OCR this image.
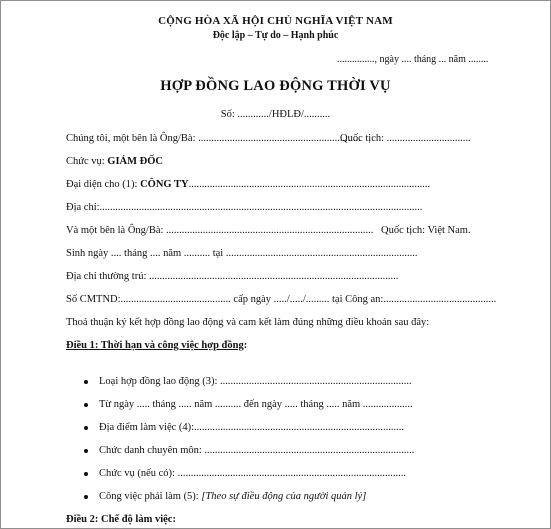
CỘNG HÒA XÃ HỘI CHỦ NGHĨA VIỆT NAM
Độc lập – Tự do – Hạnh phúc
..............., ngày .... tháng ... năm ........
HỢP ĐỒNG LAO ĐỘNG THỜI VỤ
Số: ............/HĐLĐ/..........
Chúng tôi, một bên là Ông/Bà: ..............................................................
Quốc tịch: ................................
Chức vụ: GIÁM ĐỐC
Đại diện cho (1): CÔNG TY............................................................................................
Địa chỉ:...........................................................................................................................
Và một bên là Ông/Bà: ............................................................................... Quốc tịch: Việt Nam.
Sinh ngày .... tháng .... năm .......... tại .........................................................................
Địa chỉ thường trú: ...............................................................................................
Số CMTND:.......................................... cấp ngày ...../...../......... tại Công an:...........................................
Thoả thuận ký kết hợp đồng lao động và cam kết làm đúng những điều khoản sau đây:
Điều 1: Thời hạn và công việc hợp đồng:
Loại hợp đồng lao động (3): .........................................................................
Từ ngày ..... tháng ..... năm .......... đến ngày ..... tháng ..... năm ...................
Địa điểm làm việc (4):................................................................................
Chức danh chuyên môn: ................................................................................
Chức vụ (nếu có): .......................................................................................
Công việc phải làm (5): [Theo sự điều động của người quản lý]
Điều 2: Chế độ làm việc:
